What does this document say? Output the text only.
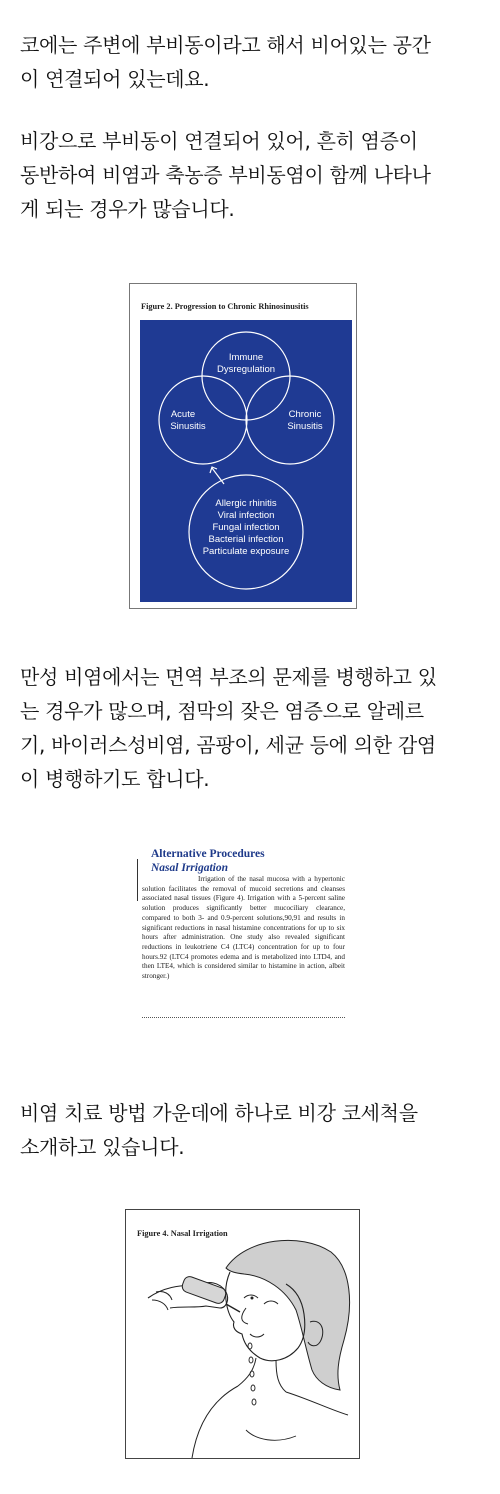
코에는 주변에 부비동이라고 해서 비어있는 공간
이 연결되어 있는데요.

비강으로 부비동이 연결되어 있어, 흔히 염증이
동반하여 비염과 축농증 부비동염이 함께 나타나
게 되는 경우가 많습니다.

Figure 2. Progression to Chronic Rhinosinusitis
Immune
Dysregulation
Acute
Sinusitis
Chronic
Sinusitis
Allergic rhinitis
Viral infection
Fungal infection
Bacterial infection
Particulate exposure

만성 비염에서는 면역 부조의 문제를 병행하고 있
는 경우가 많으며, 점막의 잦은 염증으로 알레르
기, 바이러스성비염, 곰팡이, 세균 등에 의한 감염
이 병행하기도 합니다.

Alternative Procedures
Nasal Irrigation

Irrigation of the nasal mucosa with a hypertonic solution facilitates the removal of mucoid secretions and cleanses associated nasal tissues (Figure 4). Irrigation with a 5-percent saline solution produces significantly better mucociliary clearance, compared to both 3- and 0.9-percent solutions,90,91 and results in significant reductions in nasal histamine concentrations for up to six hours after administration. One study also revealed significant reductions in leukotriene C4 (LTC4) concentration for up to four hours.92 (LTC4 promotes edema and is metabolized into LTD4, and then LTE4, which is considered similar to histamine in action, albeit stronger.)

비염 치료 방법 가운데에 하나로 비강 코세척을
소개하고 있습니다.

Figure 4. Nasal Irrigation
